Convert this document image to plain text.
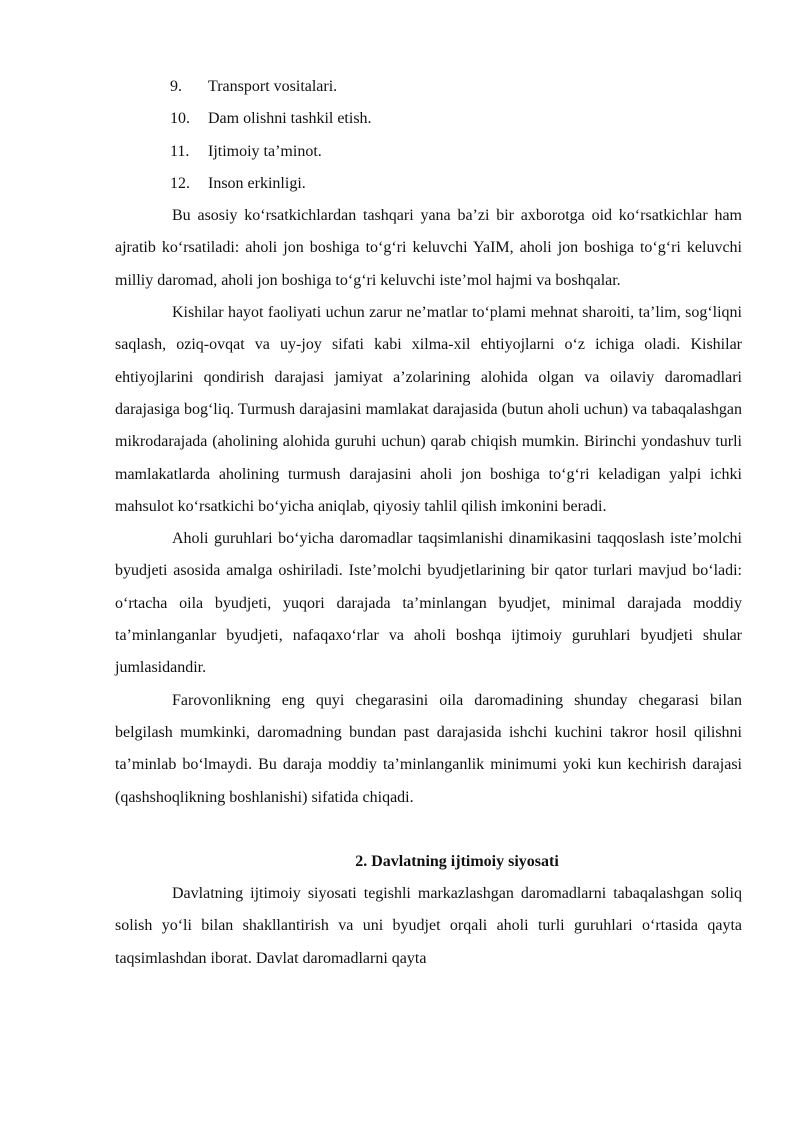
9.	Transport vositalari.
10.	Dam olishni tashkil etish.
11.	Ijtimoiy ta’minot.
12.	Inson erkinligi.

Bu asosiy ko‘rsatkichlardan tashqari yana ba’zi bir axborotga oid ko‘rsatkichlar ham ajratib ko‘rsatiladi: aholi jon boshiga to‘g‘ri keluvchi YaIM, aholi jon boshiga to‘g‘ri keluvchi milliy daromad, aholi jon boshiga to‘g‘ri keluvchi iste’mol hajmi va boshqalar.

Kishilar hayot faoliyati uchun zarur ne’matlar to‘plami mehnat sharoiti, ta’lim, sog‘liqni saqlash, oziq-ovqat va uy-joy sifati kabi xilma-xil ehtiyojlarni o‘z ichiga oladi. Kishilar ehtiyojlarini qondirish darajasi jamiyat a’zolarining alohida olgan va oilaviy daromadlari darajasiga bog‘liq. Turmush darajasini mamlakat darajasida (butun aholi uchun) va tabaqalashgan mikrodarajada (aholining alohida guruhi uchun) qarab chiqish mumkin. Birinchi yondashuv turli mamlakatlarda aholining turmush darajasini aholi jon boshiga to‘g‘ri keladigan yalpi ichki mahsulot ko‘rsatkichi bo‘yicha aniqlab, qiyosiy tahlil qilish imkonini beradi.

Aholi guruhlari bo‘yicha daromadlar taqsimlanishi dinamikasini taqqoslash iste’molchi byudjeti asosida amalga oshiriladi. Iste’molchi byudjetlarining bir qator turlari mavjud bo‘ladi: o‘rtacha oila byudjeti, yuqori darajada ta’minlangan byudjet, minimal darajada moddiy ta’minlanganlar byudjeti, nafaqaxo‘rlar va aholi boshqa ijtimoiy guruhlari byudjeti shular jumlasidandir.

Farovonlikning eng quyi chegarasini oila daromadining shunday chegarasi bilan belgilash mumkinki, daromadning bundan past darajasida ishchi kuchini takror hosil qilishni ta’minlab bo‘lmaydi. Bu daraja moddiy ta’minlanganlik minimumi yoki kun kechirish darajasi (qashshoqlikning boshlanishi) sifatida chiqadi.

2. Davlatning ijtimoiy siyosati

Davlatning ijtimoiy siyosati tegishli markazlashgan daromadlarni tabaqalashgan soliq solish yo‘li bilan shakllantirish va uni byudjet orqali aholi turli guruhlari o‘rtasida qayta taqsimlashdan iborat. Davlat daromadlarni qayta
